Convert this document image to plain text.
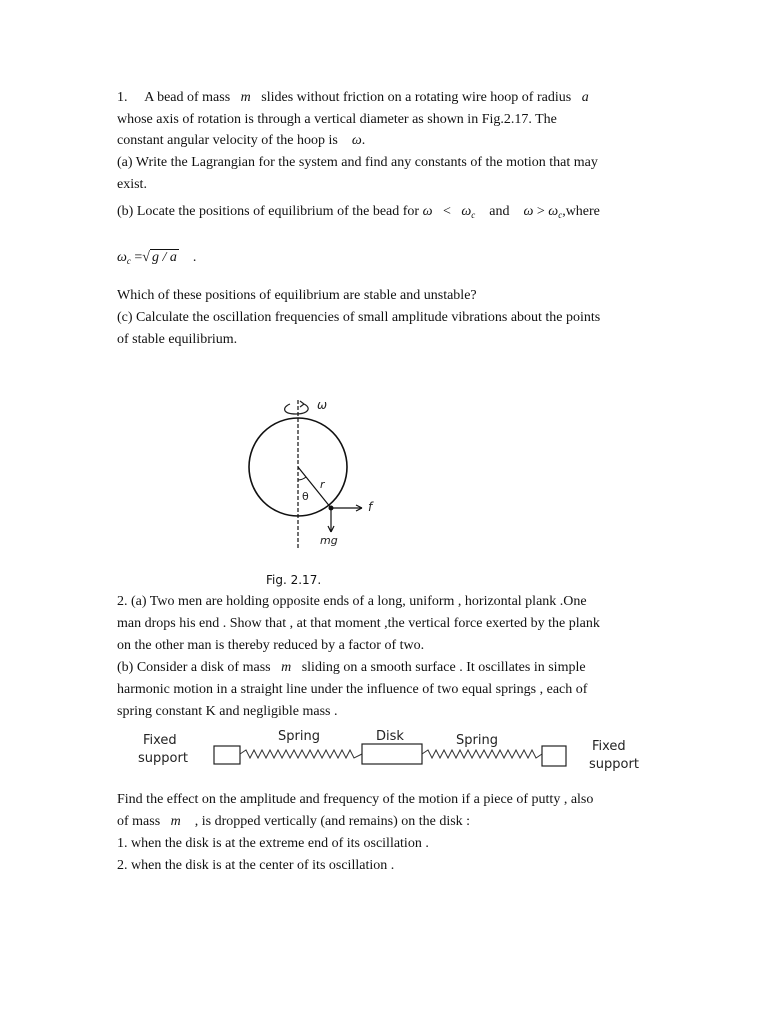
1. A bead of mass m slides without friction on a rotating wire hoop of radius a
whose axis of rotation is through a vertical diameter as shown in Fig.2.17. The
constant angular velocity of the hoop is ω.
(a) Write the Lagrangian for the system and find any constants of the motion that may
exist.
(b) Locate the positions of equilibrium of the bead for $\omega < \omega_c$ and $\omega > \omega_c,where$
$\omega_c$ =√ g / a .
Which of these positions of equilibrium are stable and unstable?
(c) Calculate the oscillation frequencies of small amplitude vibrations about the points
of stable equilibrium.
ω
r
θ
f
mg
Fig. 2.17.
2. (a) Two men are holding opposite ends of a long, uniform , horizontal plank .One
man drops his end . Show that , at that moment ,the vertical force exerted by the plank
on the other man is thereby reduced by a factor of two.
(b) Consider a disk of mass m sliding on a smooth surface . It oscillates in simple
harmonic motion in a straight line under the influence of two equal springs , each of
spring constant K and negligible mass .
Fixed
support
Spring	Disk	Spring	Fixed
support
Find the effect on the amplitude and frequency of the motion if a piece of putty , also
of mass m , is dropped vertically (and remains) on the disk :
1. when the disk is at the extreme end of its oscillation .
2. when the disk is at the center of its oscillation .
